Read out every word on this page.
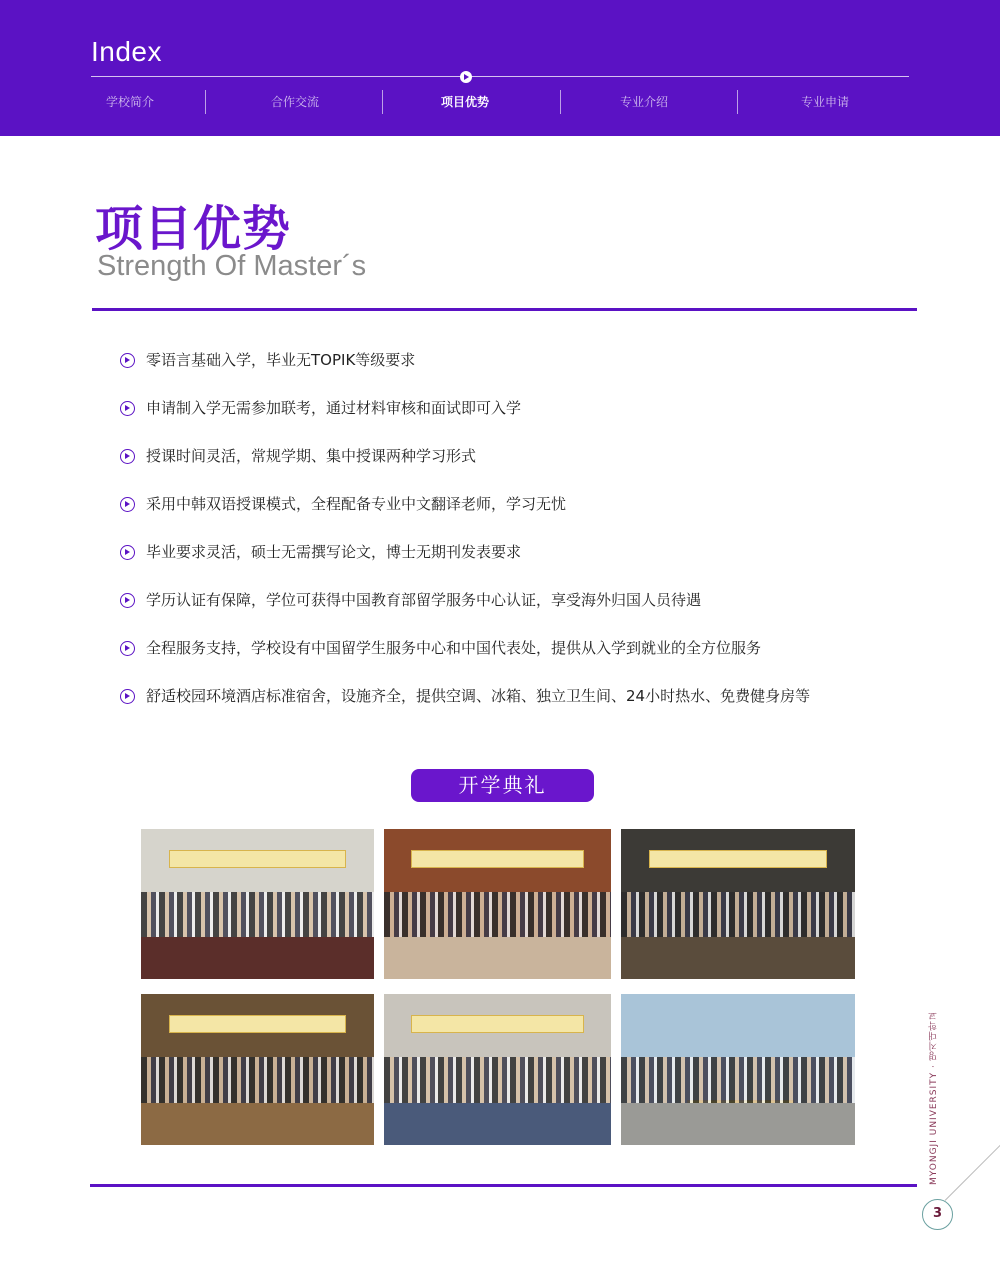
Index
学校简介	合作交流	项目优势	专业介绍	专业申请
项目优势
Strength Of Master´s
零语言基础入学，毕业无TOPIK等级要求
申请制入学无需参加联考，通过材料审核和面试即可入学
授课时间灵活，常规学期、集中授课两种学习形式
采用中韩双语授课模式，全程配备专业中文翻译老师，学习无忧
毕业要求灵活，硕士无需撰写论文，博士无期刊发表要求
学历认证有保障，学位可获得中国教育部留学服务中心认证，享受海外归国人员待遇
全程服务支持，学校设有中国留学生服务中心和中国代表处，提供从入学到就业的全方位服务
舒适校园环境酒店标准宿舍，设施齐全，提供空调、冰箱、独立卫生间、24小时热水、免费健身房等
开学典礼
MYONGJI UNIVERSITY · 명지대학교
3
